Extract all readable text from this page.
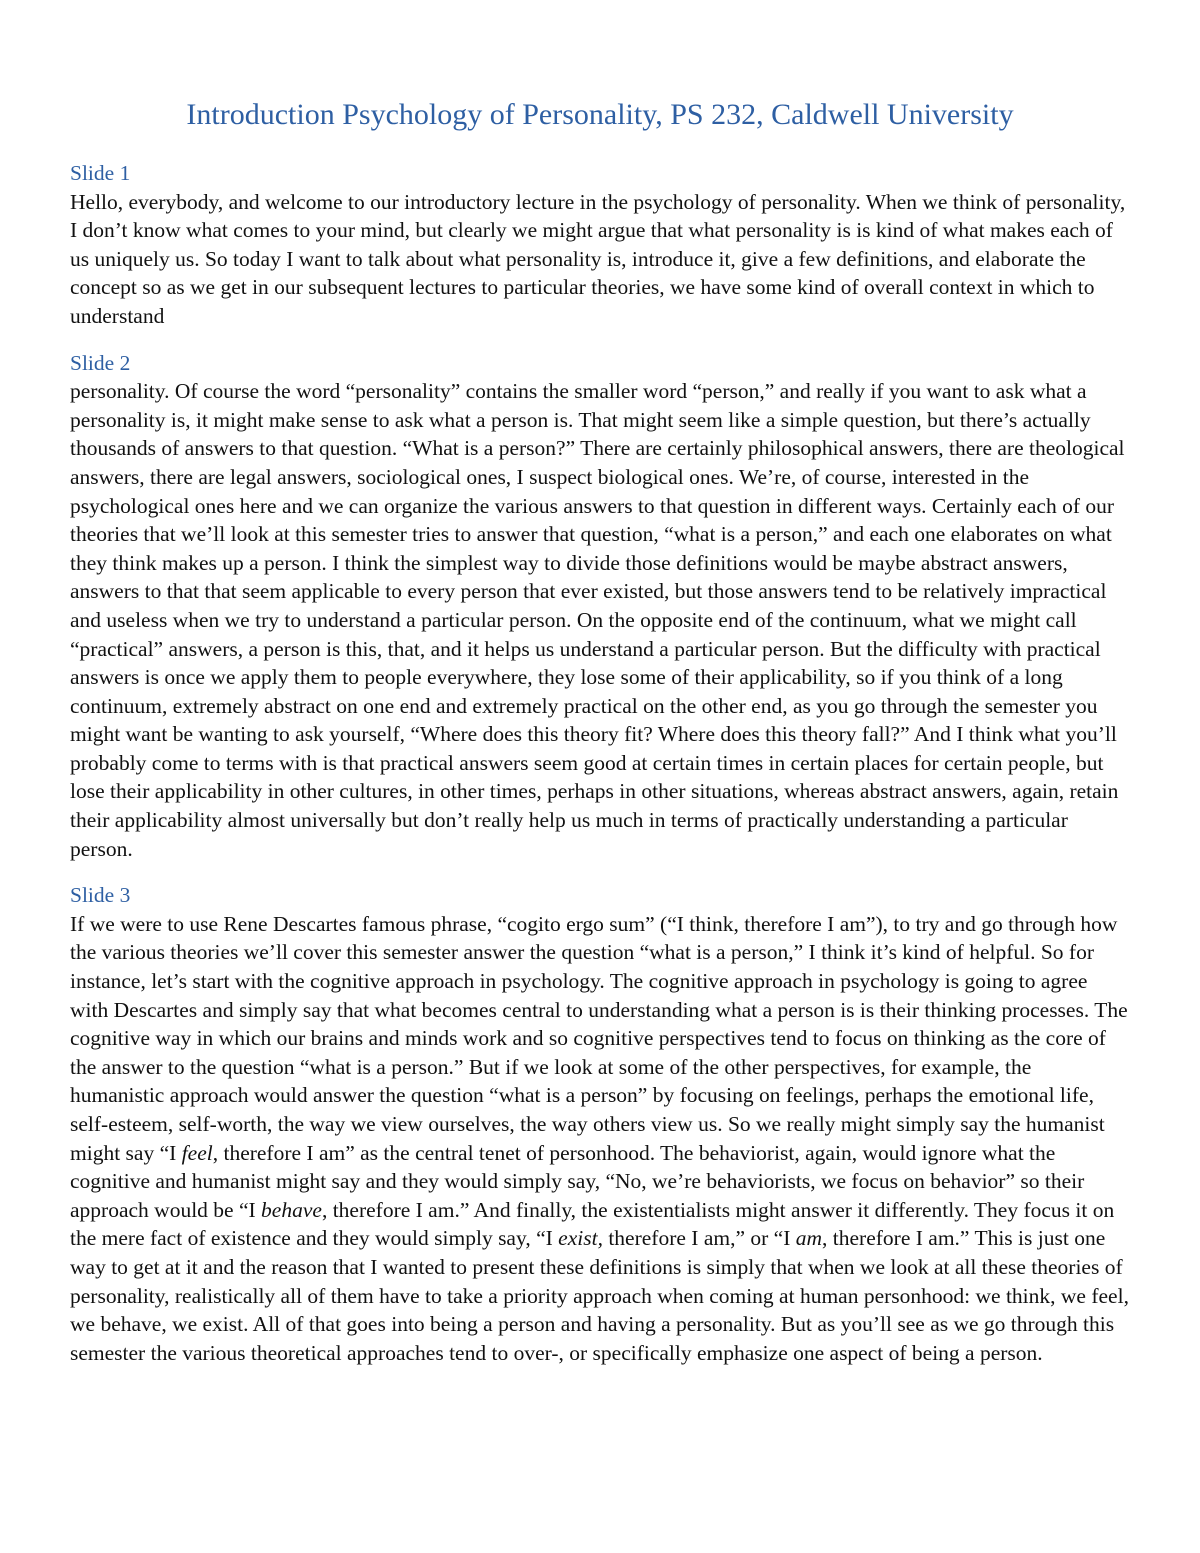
Introduction Psychology of Personality, PS 232, Caldwell University
Slide 1

Hello, everybody, and welcome to our introductory lecture in the psychology of personality. When we think of personality, I don’t know what comes to your mind, but clearly we might argue that what personality is is kind of what makes each of us uniquely us. So today I want to talk about what personality is, introduce it, give a few definitions, and elaborate the concept so as we get in our subsequent lectures to particular theories, we have some kind of overall context in which to understand

Slide 2

personality. Of course the word “personality” contains the smaller word “person,” and really if you want to ask what a personality is, it might make sense to ask what a person is. That might seem like a simple question, but there’s actually thousands of answers to that question. “What is a person?” There are certainly philosophical answers, there are theological answers, there are legal answers, sociological ones, I suspect biological ones. We’re, of course, interested in the psychological ones here and we can organize the various answers to that question in different ways. Certainly each of our theories that we’ll look at this semester tries to answer that question, “what is a person,” and each one elaborates on what they think makes up a person. I think the simplest way to divide those definitions would be maybe abstract answers, answers to that that seem applicable to every person that ever existed, but those answers tend to be relatively impractical and useless when we try to understand a particular person. On the opposite end of the continuum, what we might call “practical” answers, a person is this, that, and it helps us understand a particular person. But the difficulty with practical answers is once we apply them to people everywhere, they lose some of their applicability, so if you think of a long continuum, extremely abstract on one end and extremely practical on the other end, as you go through the semester you might want be wanting to ask yourself, “Where does this theory fit? Where does this theory fall?” And I think what you’ll probably come to terms with is that practical answers seem good at certain times in certain places for certain people, but lose their applicability in other cultures, in other times, perhaps in other situations, whereas abstract answers, again, retain their applicability almost universally but don’t really help us much in terms of practically understanding a particular person.

Slide 3

If we were to use Rene Descartes famous phrase, “cogito ergo sum” (“I think, therefore I am”), to try and go through how the various theories we’ll cover this semester answer the question “what is a person,” I think it’s kind of helpful. So for instance, let’s start with the cognitive approach in psychology. The cognitive approach in psychology is going to agree with Descartes and simply say that what becomes central to understanding what a person is is their thinking processes. The cognitive way in which our brains and minds work and so cognitive perspectives tend to focus on thinking as the core of the answer to the question “what is a person.” But if we look at some of the other perspectives, for example, the humanistic approach would answer the question “what is a person” by focusing on feelings, perhaps the emotional life, self-esteem, self-worth, the way we view ourselves, the way others view us. So we really might simply say the humanist might say “I feel, therefore I am” as the central tenet of personhood. The behaviorist, again, would ignore what the cognitive and humanist might say and they would simply say, “No, we’re behaviorists, we focus on behavior” so their approach would be “I behave, therefore I am.” And finally, the existentialists might answer it differently. They focus it on the mere fact of existence and they would simply say, “I exist, therefore I am,” or “I am, therefore I am.” This is just one way to get at it and the reason that I wanted to present these definitions is simply that when we look at all these theories of personality, realistically all of them have to take a priority approach when coming at human personhood: we think, we feel, we behave, we exist. All of that goes into being a person and having a personality. But as you’ll see as we go through this semester the various theoretical approaches tend to over-, or specifically emphasize one aspect of being a person.
